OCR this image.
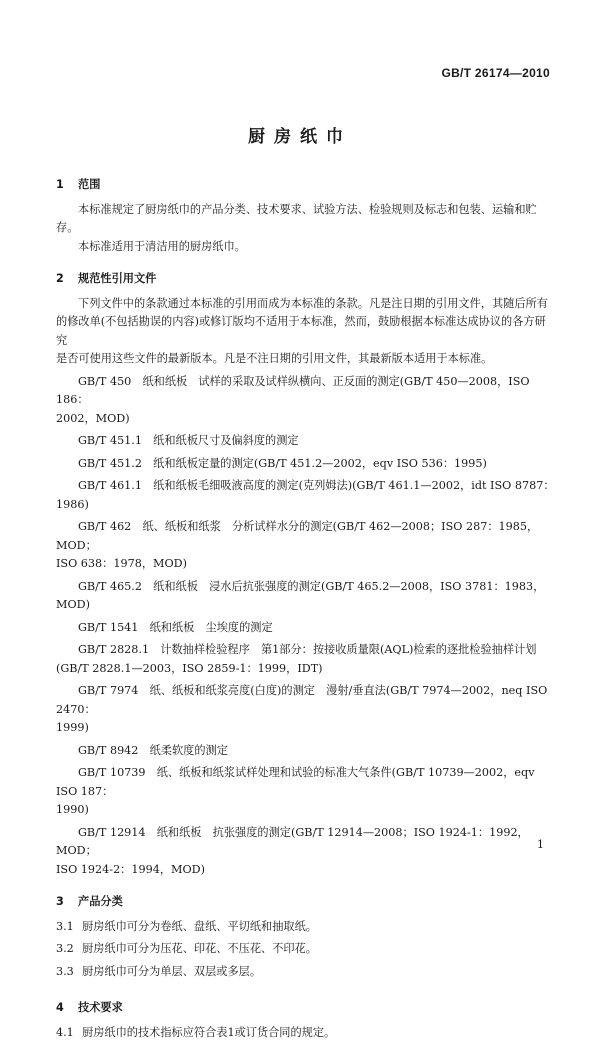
GB/T 26174—2010
厨房纸巾
1 范围

本标准规定了厨房纸巾的产品分类、技术要求、试验方法、检验规则及标志和包装、运输和贮存。

本标准适用于清洁用的厨房纸巾。

2 规范性引用文件

下列文件中的条款通过本标准的引用而成为本标准的条款。凡是注日期的引用文件，其随后所有

的修改单(不包括勘误的内容)或修订版均不适用于本标准，然而，鼓励根据本标准达成协议的各方研究

是否可使用这些文件的最新版本。凡是不注日期的引用文件，其最新版本适用于本标准。

GB/T 450　纸和纸板　试样的采取及试样纵横向、正反面的测定(GB/T 450—2008，ISO 186：

2002，MOD)

GB/T 451.1　纸和纸板尺寸及偏斜度的测定

GB/T 451.2　纸和纸板定量的测定(GB/T 451.2—2002，eqv ISO 536：1995)

GB/T 461.1　纸和纸板毛细吸液高度的测定(克列姆法)(GB/T 461.1—2002，idt ISO 8787：

1986)

GB/T 462　纸、纸板和纸浆　分析试样水分的测定(GB/T 462—2008；ISO 287：1985，MOD；

ISO 638：1978，MOD)

GB/T 465.2　纸和纸板　浸水后抗张强度的测定(GB/T 465.2—2008，ISO 3781：1983，MOD)

GB/T 1541　纸和纸板　尘埃度的测定

GB/T 2828.1　计数抽样检验程序　第1部分：按接收质量限(AQL)检索的逐批检验抽样计划

(GB/T 2828.1—2003，ISO 2859-1：1999，IDT)

GB/T 7974　纸、纸板和纸浆亮度(白度)的测定　漫射/垂直法(GB/T 7974—2002，neq ISO 2470：

1999)

GB/T 8942　纸柔软度的测定

GB/T 10739　纸、纸板和纸浆试样处理和试验的标准大气条件(GB/T 10739—2002，eqv ISO 187：

1990)

GB/T 12914　纸和纸板　抗张强度的测定(GB/T 12914—2008；ISO 1924-1：1992，MOD；

ISO 1924-2：1994，MOD)

3 产品分类

3.1 厨房纸巾可分为卷纸、盘纸、平切纸和抽取纸。

3.2 厨房纸巾可分为压花、印花、不压花、不印花。

3.3 厨房纸巾可分为单层、双层或多层。

4 技术要求

4.1 厨房纸巾的技术指标应符合表1或订货合同的规定。

1
